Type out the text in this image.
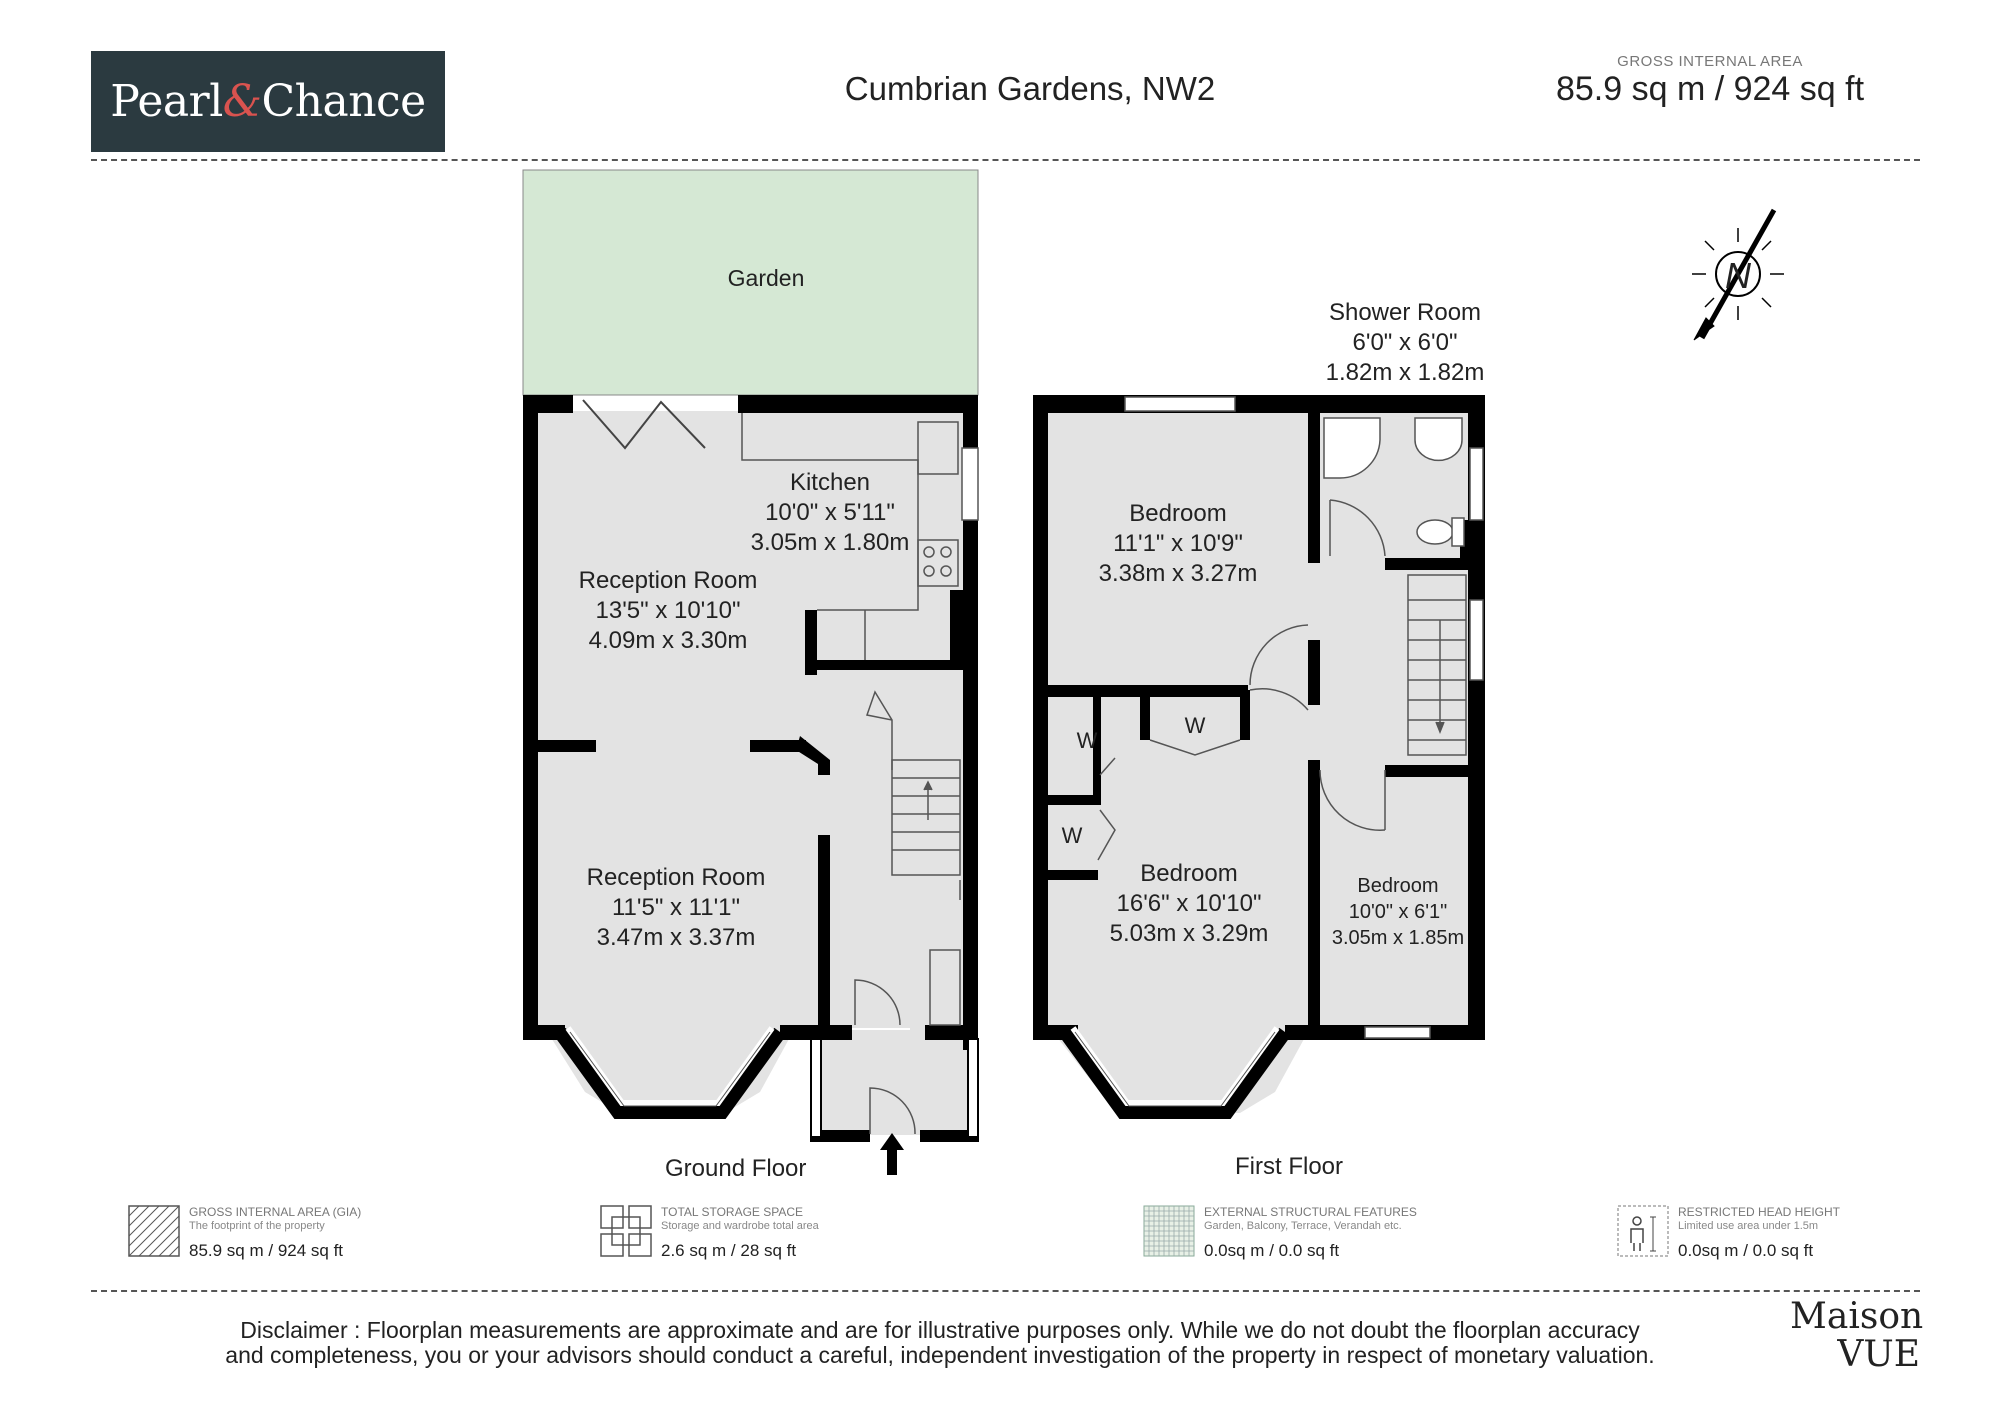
Pearl&Chance	Cumbrian Gardens, NW2
GROSS INTERNAL AREA
85.9 sq m / 924 sq ft
Garden
Kitchen
10'0" x 5'11"
3.05m x 1.80m
Reception Room
13'5" x 10'10"
4.09m x 3.30m
Reception Room
11'5" x 11'1"
3.47m x 3.37m
Shower Room
6'0" x 6'0"
1.82m x 1.82m
Bedroom
11'1" x 10'9"
3.38m x 3.27m
Bedroom
16'6" x 10'10"
5.03m x 3.29m
Bedroom
10'0" x 6'1"
3.05m x 1.85m
W
W
W
N
Ground Floor	First Floor
GROSS INTERNAL AREA (GIA)
The footprint of the property
85.9 sq m / 924 sq ft
TOTAL STORAGE SPACE
Storage and wardrobe total area
2.6 sq m / 28 sq ft
EXTERNAL STRUCTURAL FEATURES
Garden, Balcony, Terrace, Verandah etc.
0.0sq m / 0.0 sq ft
RESTRICTED HEAD HEIGHT
Limited use area under 1.5m
0.0sq m / 0.0 sq ft
Disclaimer : Floorplan measurements are approximate and are for illustrative purposes only. While we do not doubt the floorplan accuracy
and completeness, you or your advisors should conduct a careful, independent investigation of the property in respect of monetary valuation.
Maison
VUE
